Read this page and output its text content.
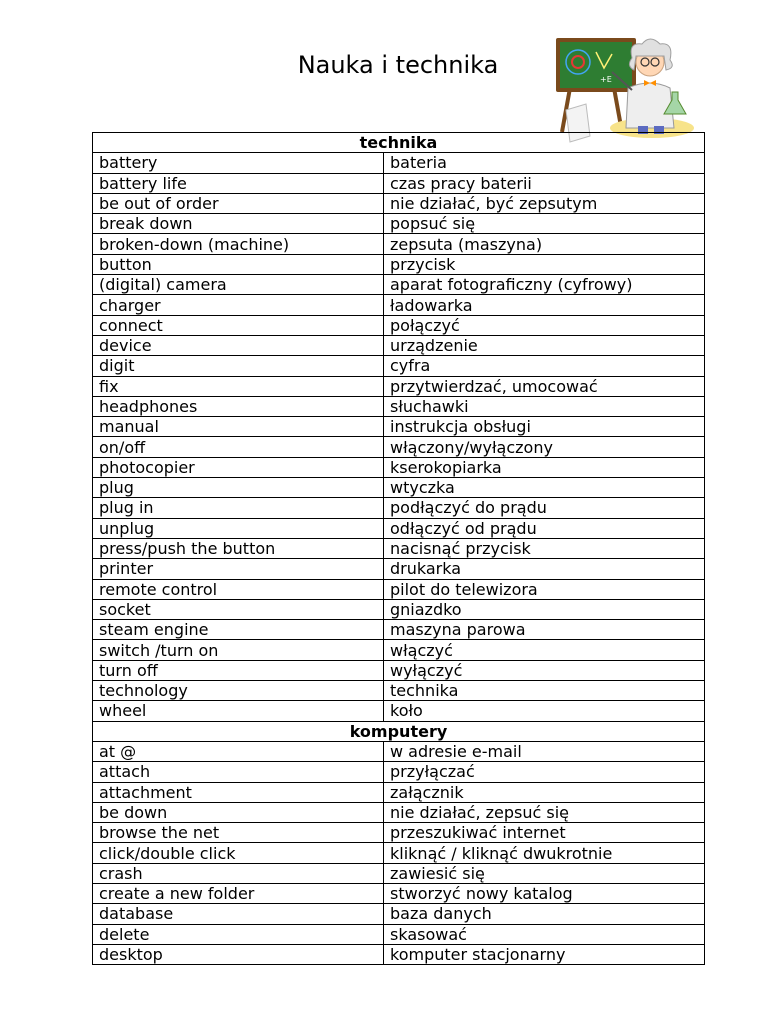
Nauka i technika
+E
technika	
battery	bateria
battery life	czas pracy baterii
be out of order	nie działać, być zepsutym
break down	popsuć się
broken-down (machine)	zepsuta (maszyna)
button	przycisk
(digital) camera	aparat fotograficzny (cyfrowy)
charger	ładowarka
connect	połączyć
device	urządzenie
digit	cyfra
fix	przytwierdzać, umocować
headphones	słuchawki
manual	instrukcja obsługi
on/off	włączony/wyłączony
photocopier	kserokopiarka
plug	wtyczka
plug in	podłączyć do prądu
unplug	odłączyć od prądu
press/push the button	nacisnąć przycisk
printer	drukarka
remote control	pilot do telewizora
socket	gniazdko
steam engine	maszyna parowa
switch /turn on	włączyć
turn off	wyłączyć
technology	technika
wheel	koło
komputery	
at @	w adresie e-mail
attach	przyłączać
attachment	załącznik
be down	nie działać, zepsuć się
browse the net	przeszukiwać internet
click/double click	kliknąć / kliknąć dwukrotnie
crash	zawiesić się
create a new folder	stworzyć nowy katalog
database	baza danych
delete	skasować
desktop	komputer stacjonarny
